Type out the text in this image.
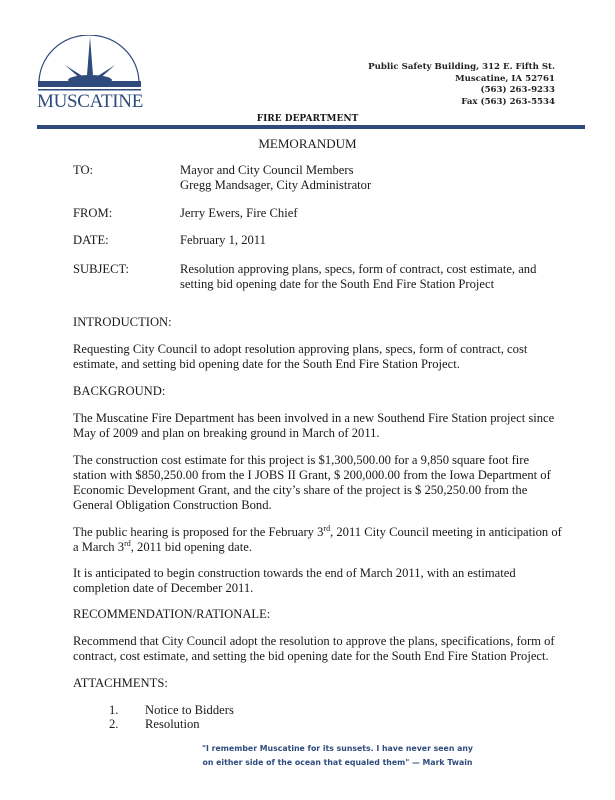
MUSCATINE
Public Safety Building, 312 E. Fifth St.
Muscatine, IA 52761
(563) 263-9233
Fax (563) 263-5534
FIRE DEPARTMENT
MEMORANDUM
TO:	Mayor and City Council Members
Gregg Mandsager, City Administrator
FROM:	Jerry Ewers, Fire Chief
DATE:	February 1, 2011
SUBJECT:	Resolution approving plans, specs, form of contract, cost estimate, and
setting bid opening date for the South End Fire Station Project
INTRODUCTION:
Requesting City Council to adopt resolution approving plans, specs, form of contract, cost
estimate, and setting bid opening date for the South End Fire Station Project.
BACKGROUND:
The Muscatine Fire Department has been involved in a new Southend Fire Station project since
May of 2009 and plan on breaking ground in March of 2011.
The construction cost estimate for this project is $1,300,500.00 for a 9,850 square foot fire
station with $850,250.00 from the I JOBS II Grant, $ 200,000.00 from the Iowa Department of
Economic Development Grant, and the city’s share of the project is $ 250,250.00 from the
General Obligation Construction Bond.
The public hearing is proposed for the February 3rd, 2011 City Council meeting in anticipation of
a March 3rd, 2011 bid opening date.
It is anticipated to begin construction towards the end of March 2011, with an estimated
completion date of December 2011.
RECOMMENDATION/RATIONALE:
Recommend that City Council adopt the resolution to approve the plans, specifications, form of
contract, cost estimate, and setting the bid opening date for the South End Fire Station Project.
ATTACHMENTS:
1. Notice to Bidders
2. Resolution
"I remember Muscatine for its sunsets. I have never seen any
on either side of the ocean that equaled them" — Mark Twain
